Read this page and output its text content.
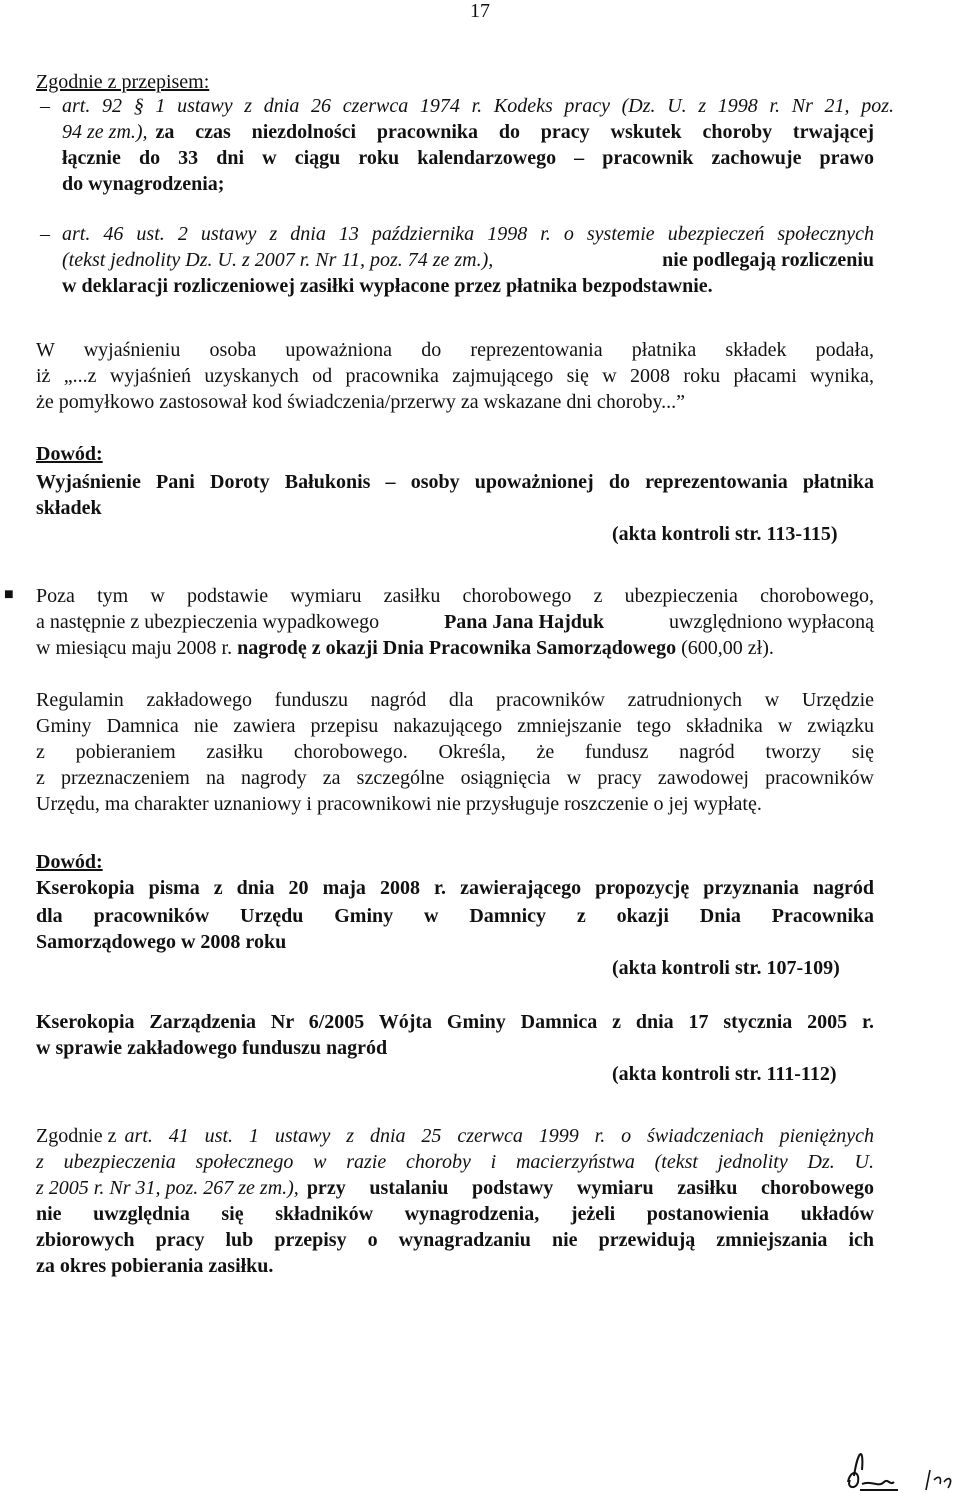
17
Zgodnie z przepisem:
– art. 92 § 1 ustawy z dnia 26 czerwca 1974 r. Kodeks pracy (Dz. U. z 1998 r. Nr 21, poz.
94 ze zm.), za czas niezdolności pracownika do pracy wskutek choroby trwającej
łącznie do 33 dni w ciągu roku kalendarzowego – pracownik zachowuje prawo
do wynagrodzenia;
– art. 46 ust. 2 ustawy z dnia 13 października 1998 r. o systemie ubezpieczeń społecznych
(tekst jednolity Dz. U. z 2007 r. Nr 11, poz. 74 ze zm.),	nie podlegają rozliczeniu
w deklaracji rozliczeniowej zasiłki wypłacone przez płatnika bezpodstawnie.
W wyjaśnieniu osoba upoważniona do reprezentowania płatnika składek podała,
iż „...z wyjaśnień uzyskanych od pracownika zajmującego się w 2008 roku płacami wynika,
że pomyłkowo zastosował kod świadczenia/przerwy za wskazane dni choroby...”
Dowód:
Wyjaśnienie Pani Doroty Bałukonis – osoby upoważnionej do reprezentowania płatnika
składek
(akta kontroli str. 113-115)
■ Poza tym w podstawie wymiaru zasiłku chorobowego z ubezpieczenia chorobowego,
a następnie z ubezpieczenia wypadkowego	Pana Jana Hajduk	uwzględniono wypłaconą
w miesiącu maju 2008 r. nagrodę z okazji Dnia Pracownika Samorządowego (600,00 zł).
Regulamin zakładowego funduszu nagród dla pracowników zatrudnionych w Urzędzie
Gminy Damnica nie zawiera przepisu nakazującego zmniejszanie tego składnika w związku
z pobieraniem zasiłku chorobowego. Określa, że fundusz nagród tworzy się
z przeznaczeniem na nagrody za szczególne osiągnięcia w pracy zawodowej pracowników
Urzędu, ma charakter uznaniowy i pracownikowi nie przysługuje roszczenie o jej wypłatę.
Dowód:
Kserokopia pisma z dnia 20 maja 2008 r. zawierającego propozycję przyznania nagród
dla pracowników Urzędu Gminy w Damnicy z okazji Dnia Pracownika
Samorządowego w 2008 roku
(akta kontroli str. 107-109)
Kserokopia Zarządzenia Nr 6/2005 Wójta Gminy Damnica z dnia 17 stycznia 2005 r.
w sprawie zakładowego funduszu nagród
(akta kontroli str. 111-112)
Zgodnie z art. 41 ust. 1 ustawy z dnia 25 czerwca 1999 r. o świadczeniach pieniężnych
z ubezpieczenia społecznego w razie choroby i macierzyństwa (tekst jednolity Dz. U.
z 2005 r. Nr 31, poz. 267 ze zm.), przy ustalaniu podstawy wymiaru zasiłku chorobowego
nie uwzględnia się składników wynagrodzenia, jeżeli postanowienia układów
zbiorowych pracy lub przepisy o wynagradzaniu nie przewidują zmniejszania ich
za okres pobierania zasiłku.
